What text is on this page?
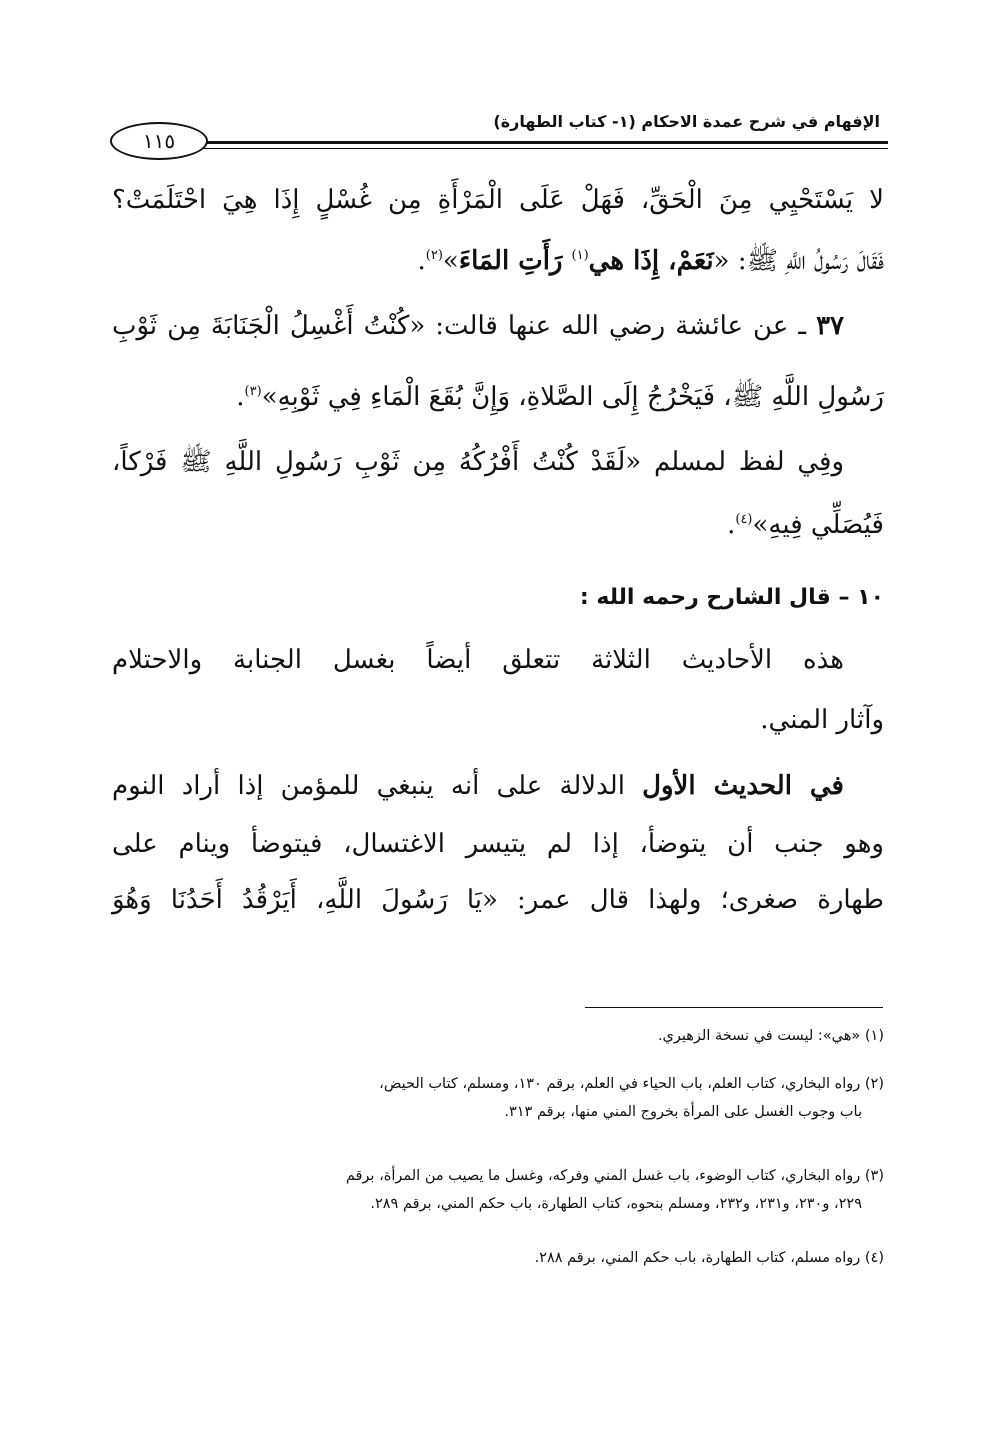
الإفهام في شرح عمدة الاحكام (١- كتاب الطهارة)
١١٥
لا يَسْتَحْيِي مِنَ الْحَقِّ، فَهَلْ عَلَى الْمَرْأَةِ مِن غُسْلٍ إِذَا هِيَ احْتَلَمَتْ؟
فَقَالَ رَسُولُ اللَّهِ ﷺ: «نَعَمْ، إِذَا هي$^{(١)}$ رَأَتِ المَاءَ»$^{(٢)}$.
٣٧ ـ عن عائشة رضي الله عنها قالت: «كُنْتُ أَغْسِلُ الْجَنَابَةَ مِن ثَوْبِ
رَسُولِ اللَّهِ ﷺ، فَيَخْرُجُ إِلَى الصَّلاةِ، وَإِنَّ بُقَعَ الْمَاءِ فِي ثَوْبِهِ»$^{(٣)}$.
وفِي لفظ لمسلم «لَقَدْ كُنْتُ أَفْرُكُهُ مِن ثَوْبِ رَسُولِ اللَّهِ ﷺ فَرْكاً،
فَيُصَلِّي فِيهِ»$^{(٤)}$.
١٠ – قال الشارح رحمه الله :
هذه الأحاديث الثلاثة تتعلق أيضاً بغسل الجنابة والاحتلام
وآثار المني.
في الحديث الأول الدلالة على أنه ينبغي للمؤمن إذا أراد النوم
وهو جنب أن يتوضأ، إذا لم يتيسر الاغتسال، فيتوضأ وينام على
طهارة صغرى؛ ولهذا قال عمر: «يَا رَسُولَ اللَّهِ، أَيَرْقُدُ أَحَدُنَا وَهُوَ
(١) «هي»: ليست في نسخة الزهيري.
(٢) رواه البخاري، كتاب العلم، باب الحياء في العلم، برقم ١٣٠، ومسلم، كتاب الحيض،
باب وجوب الغسل على المرأة بخروج المني منها، برقم ٣١٣.
(٣) رواه البخاري، كتاب الوضوء، باب غسل المني وفركه، وغسل ما يصيب من المرأة، برقم
٢٢٩، و٢٣٠، و٢٣١، و٢٣٢، ومسلم بنحوه، كتاب الطهارة، باب حكم المني، برقم ٢٨٩.
(٤) رواه مسلم، كتاب الطهارة، باب حكم المني، برقم ٢٨٨.
